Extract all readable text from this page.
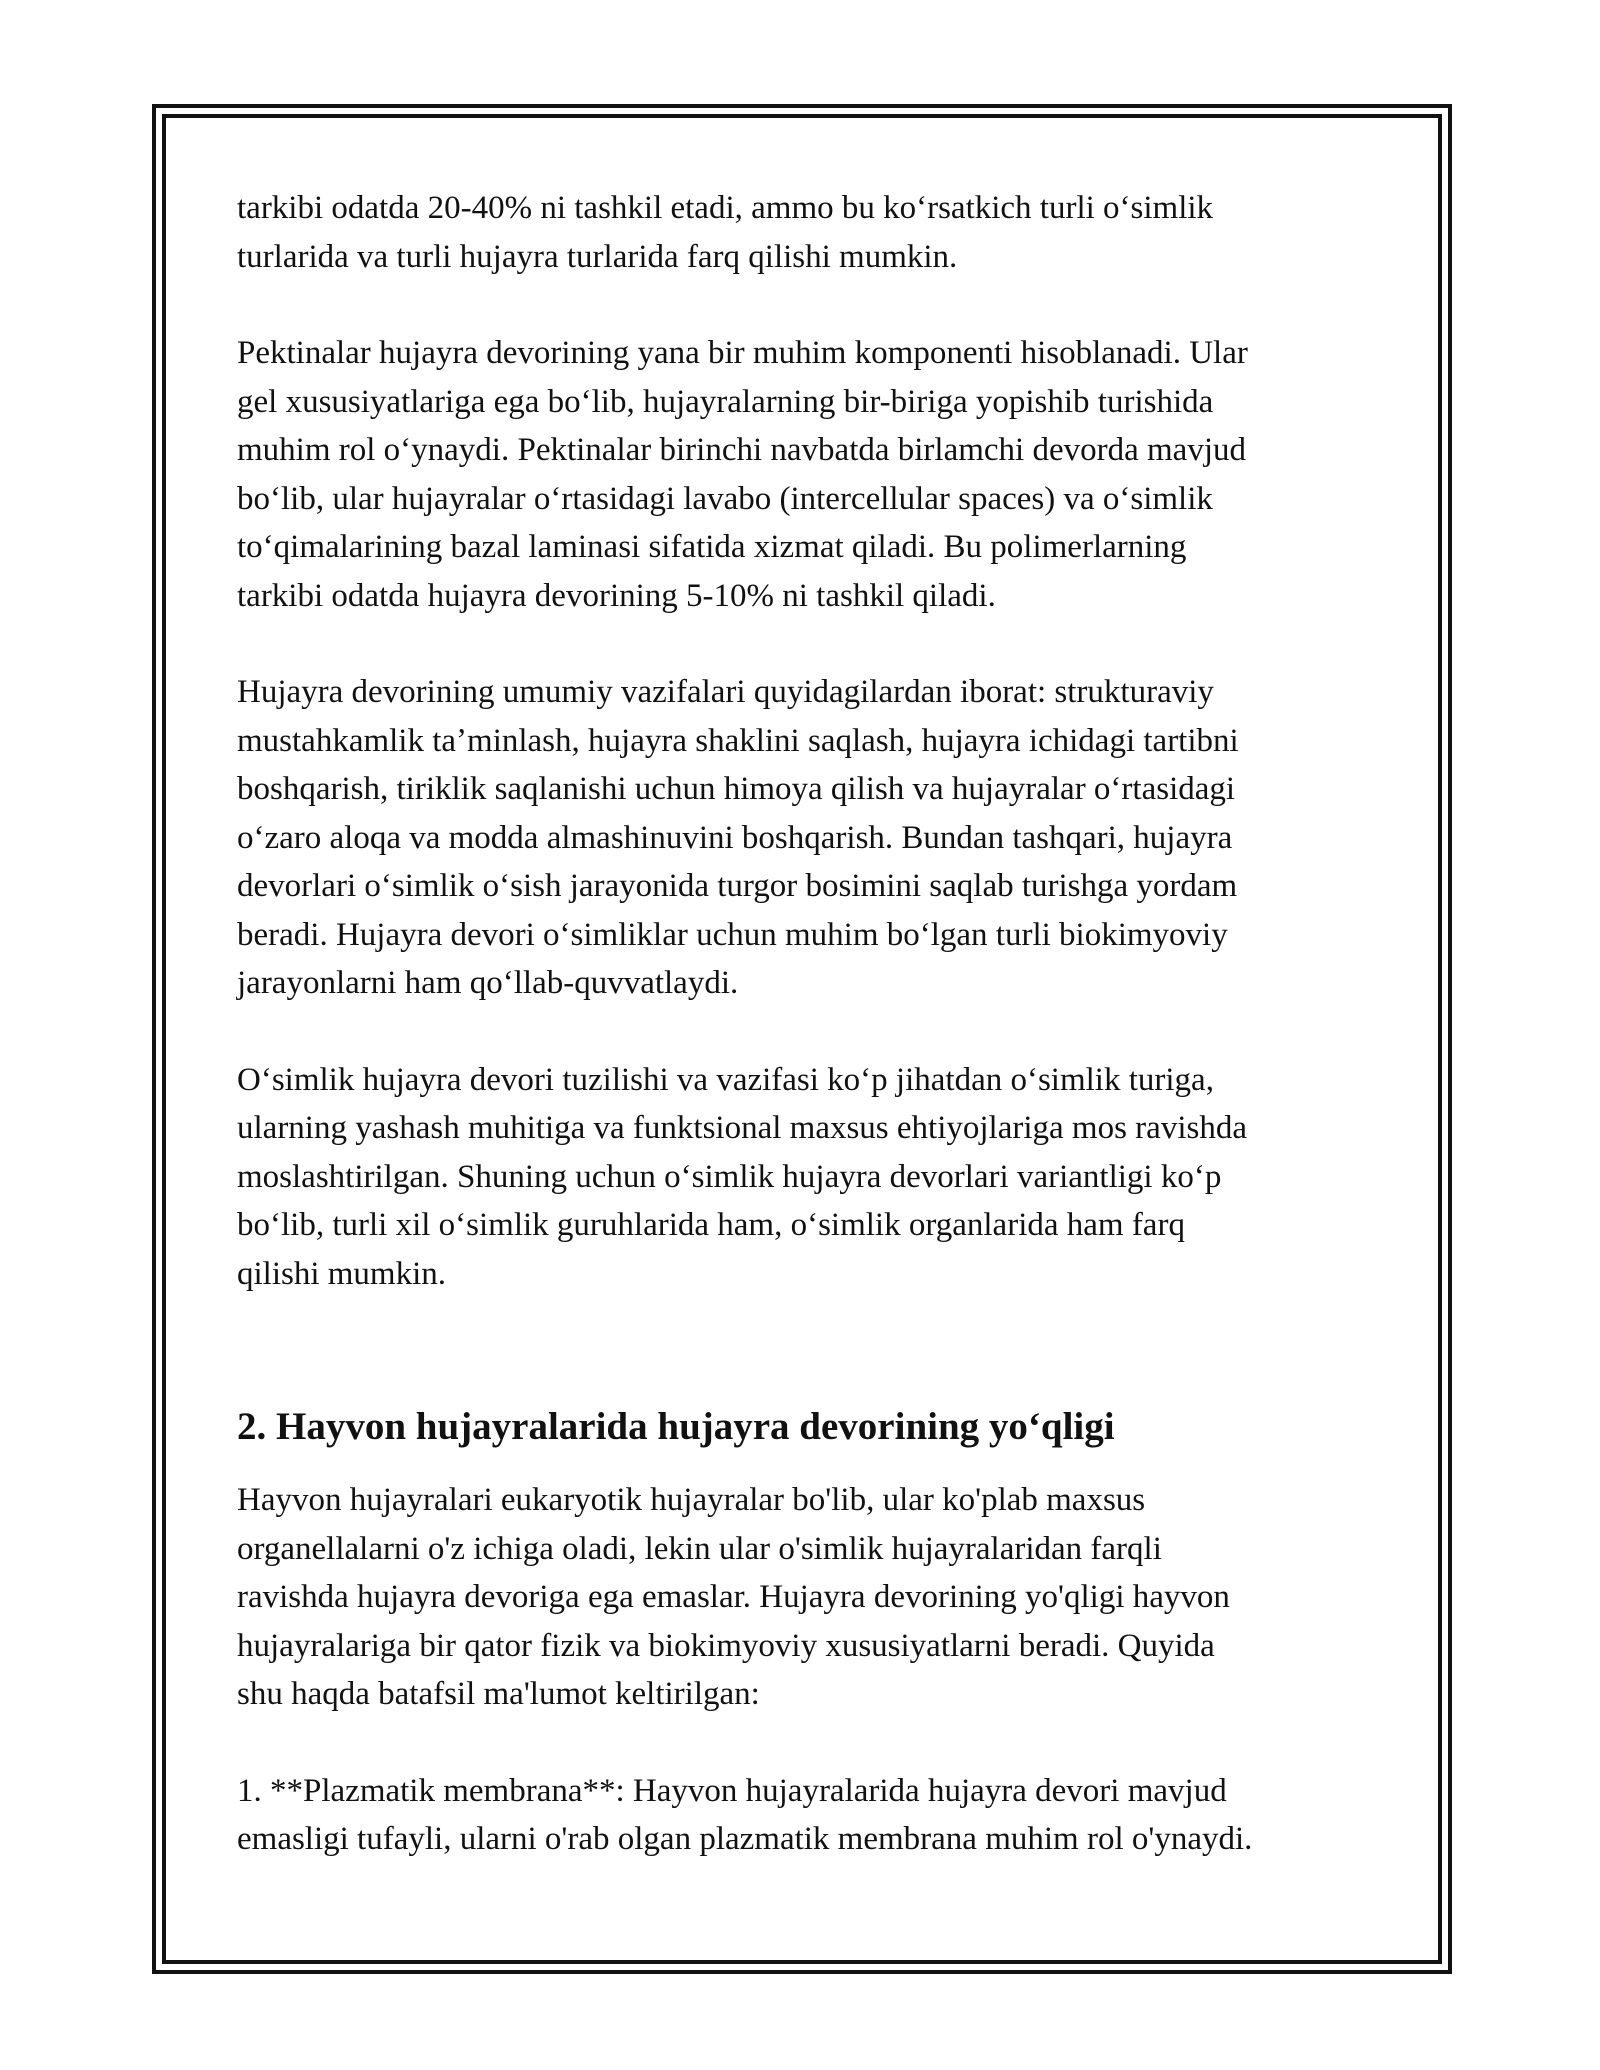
tarkibi odatda 20-40% ni tashkil etadi, ammo bu koʻrsatkich turli oʻsimlik
turlarida va turli hujayra turlarida farq qilishi mumkin.

Pektinalar hujayra devorining yana bir muhim komponenti hisoblanadi. Ular
gel xususiyatlariga ega boʻlib, hujayralarning bir-biriga yopishib turishida
muhim rol oʻynaydi. Pektinalar birinchi navbatda birlamchi devorda mavjud
boʻlib, ular hujayralar oʻrtasidagi lavabo (intercellular spaces) va oʻsimlik
toʻqimalarining bazal laminasi sifatida xizmat qiladi. Bu polimerlarning
tarkibi odatda hujayra devorining 5-10% ni tashkil qiladi.

Hujayra devorining umumiy vazifalari quyidagilardan iborat: strukturaviy
mustahkamlik taʼminlash, hujayra shaklini saqlash, hujayra ichidagi tartibni
boshqarish, tiriklik saqlanishi uchun himoya qilish va hujayralar oʻrtasidagi
oʻzaro aloqa va modda almashinuvini boshqarish. Bundan tashqari, hujayra
devorlari oʻsimlik oʻsish jarayonida turgor bosimini saqlab turishga yordam
beradi. Hujayra devori oʻsimliklar uchun muhim boʻlgan turli biokimyoviy
jarayonlarni ham qoʻllab-quvvatlaydi.

Oʻsimlik hujayra devori tuzilishi va vazifasi koʻp jihatdan oʻsimlik turiga,
ularning yashash muhitiga va funktsional maxsus ehtiyojlariga mos ravishda
moslashtirilgan. Shuning uchun oʻsimlik hujayra devorlari variantligi koʻp
boʻlib, turli xil oʻsimlik guruhlarida ham, oʻsimlik organlarida ham farq
qilishi mumkin.

2. Hayvon hujayralarida hujayra devorining yoʻqligi

Hayvon hujayralari eukaryotik hujayralar bo'lib, ular ko'plab maxsus
organellalarni o'z ichiga oladi, lekin ular o'simlik hujayralaridan farqli
ravishda hujayra devoriga ega emaslar. Hujayra devorining yo'qligi hayvon
hujayralariga bir qator fizik va biokimyoviy xususiyatlarni beradi. Quyida
shu haqda batafsil ma'lumot keltirilgan:

1. **Plazmatik membrana**: Hayvon hujayralarida hujayra devori mavjud
emasligi tufayli, ularni o'rab olgan plazmatik membrana muhim rol o'ynaydi.
